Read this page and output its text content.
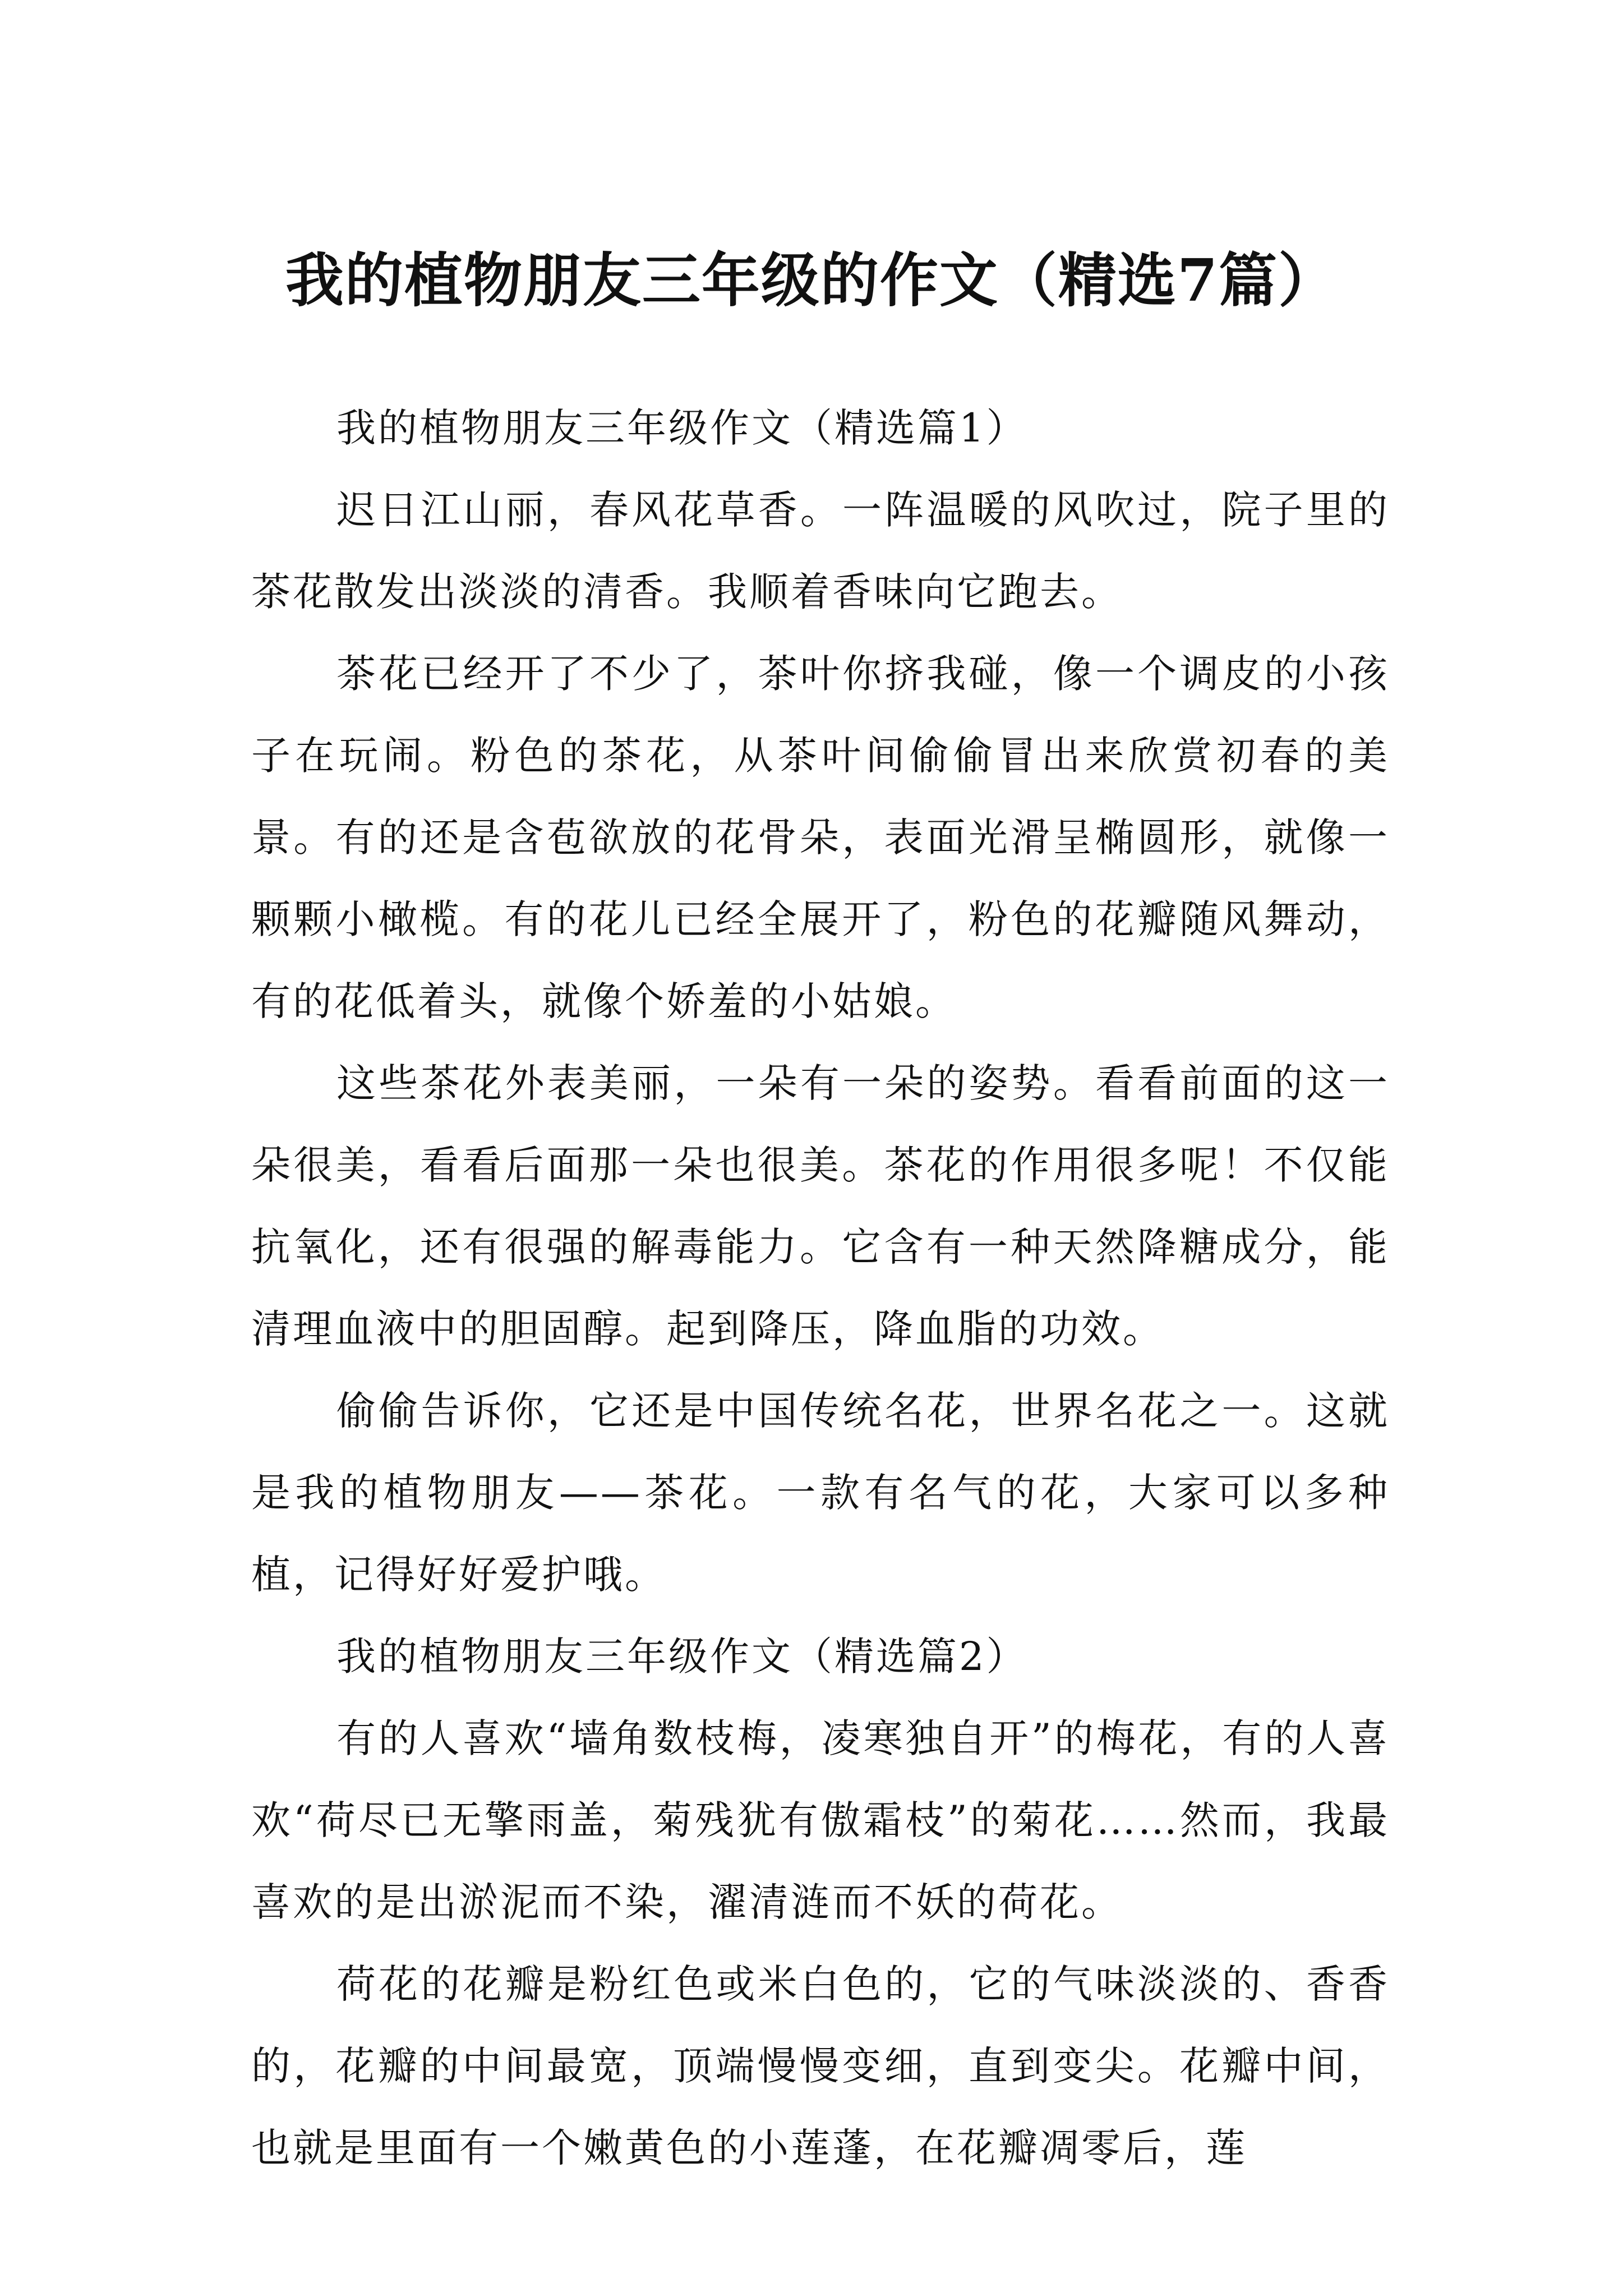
我的植物朋友三年级的作文（精选7篇）

我的植物朋友三年级作文（精选篇1）

迟日江山丽，春风花草香。一阵温暖的风吹过，院子里的茶花散发出淡淡的清香。我顺着香味向它跑去。

茶花已经开了不少了，茶叶你挤我碰，像一个调皮的小孩子在玩闹。粉色的茶花，从茶叶间偷偷冒出来欣赏初春的美景。有的还是含苞欲放的花骨朵，表面光滑呈椭圆形，就像一颗颗小橄榄。有的花儿已经全展开了，粉色的花瓣随风舞动，有的花低着头，就像个娇羞的小姑娘。

这些茶花外表美丽，一朵有一朵的姿势。看看前面的这一朵很美，看看后面那一朵也很美。茶花的作用很多呢！不仅能抗氧化，还有很强的解毒能力。它含有一种天然降糖成分，能清理血液中的胆固醇。起到降压，降血脂的功效。

偷偷告诉你，它还是中国传统名花，世界名花之一。这就是我的植物朋友——茶花。一款有名气的花，大家可以多种植，记得好好爱护哦。

我的植物朋友三年级作文（精选篇2）

有的人喜欢“墙角数枝梅，凌寒独自开”的梅花，有的人喜欢“荷尽已无擎雨盖，菊残犹有傲霜枝”的菊花……然而，我最喜欢的是出淤泥而不染，濯清涟而不妖的荷花。

荷花的花瓣是粉红色或米白色的，它的气味淡淡的、香香的，花瓣的中间最宽，顶端慢慢变细，直到变尖。花瓣中间，也就是里面有一个嫩黄色的小莲蓬，在花瓣凋零后，莲
